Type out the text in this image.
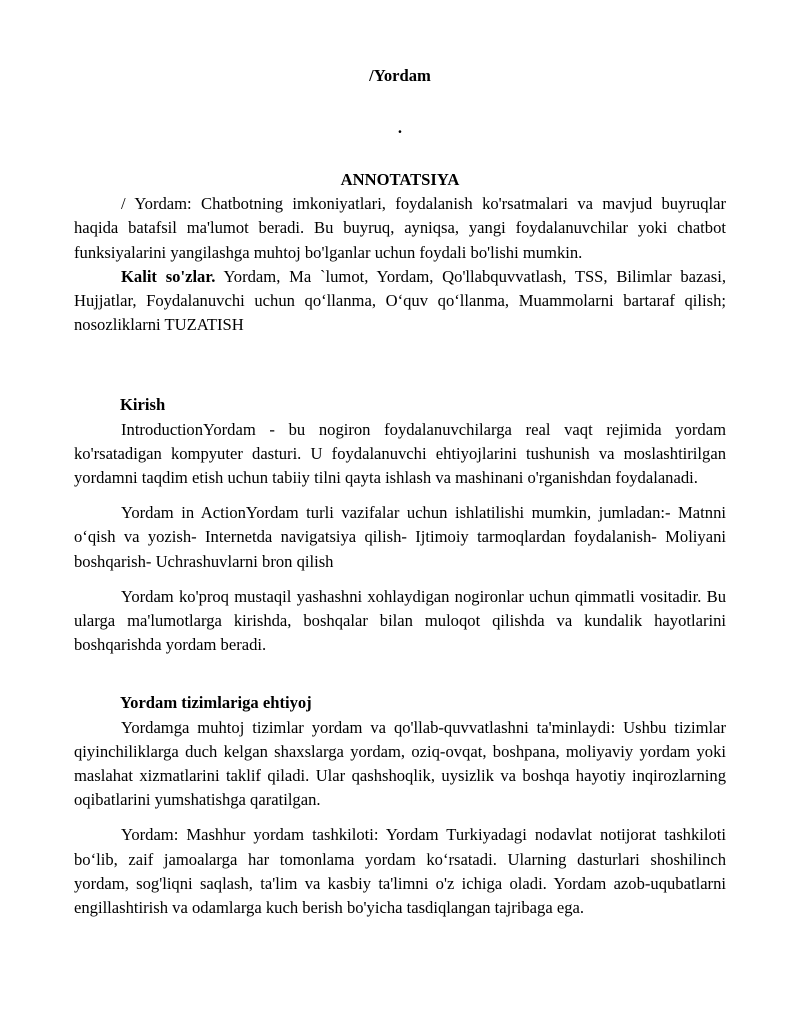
/Yordam
.
ANNOTATSIYA

/ Yordam: Chatbotning imkoniyatlari, foydalanish ko'rsatmalari va mavjud buyruqlar haqida batafsil ma'lumot beradi. Bu buyruq, ayniqsa, yangi foydalanuvchilar yoki chatbot funksiyalarini yangilashga muhtoj bo'lganlar uchun foydali bo'lishi mumkin.

Kalit so'zlar. Yordam, Ma `lumot, Yordam, Qo'llabquvvatlash, TSS, Bilimlar bazasi, Hujjatlar, Foydalanuvchi uchun qo‘llanma, O‘quv qo‘llanma, Muammolarni bartaraf qilish; nosozliklarni TUZATISH

Kirish

IntroductionYordam - bu nogiron foydalanuvchilarga real vaqt rejimida yordam ko'rsatadigan kompyuter dasturi. U foydalanuvchi ehtiyojlarini tushunish va moslashtirilgan yordamni taqdim etish uchun tabiiy tilni qayta ishlash va mashinani o'rganishdan foydalanadi.

Yordam in ActionYordam turli vazifalar uchun ishlatilishi mumkin, jumladan:- Matnni o‘qish va yozish- Internetda navigatsiya qilish- Ijtimoiy tarmoqlardan foydalanish- Moliyani boshqarish- Uchrashuvlarni bron qilish

Yordam ko'proq mustaqil yashashni xohlaydigan nogironlar uchun qimmatli vositadir. Bu ularga ma'lumotlarga kirishda, boshqalar bilan muloqot qilishda va kundalik hayotlarini boshqarishda yordam beradi.

Yordam tizimlariga ehtiyoj

Yordamga muhtoj tizimlar yordam va qo'llab-quvvatlashni ta'minlaydi: Ushbu tizimlar qiyinchiliklarga duch kelgan shaxslarga yordam, oziq-ovqat, boshpana, moliyaviy yordam yoki maslahat xizmatlarini taklif qiladi. Ular qashshoqlik, uysizlik va boshqa hayotiy inqirozlarning oqibatlarini yumshatishga qaratilgan.

Yordam: Mashhur yordam tashkiloti: Yordam Turkiyadagi nodavlat notijorat tashkiloti bo‘lib, zaif jamoalarga har tomonlama yordam ko‘rsatadi. Ularning dasturlari shoshilinch yordam, sog'liqni saqlash, ta'lim va kasbiy ta'limni o'z ichiga oladi. Yordam azob-uqubatlarni engillashtirish va odamlarga kuch berish bo'yicha tasdiqlangan tajribaga ega.
